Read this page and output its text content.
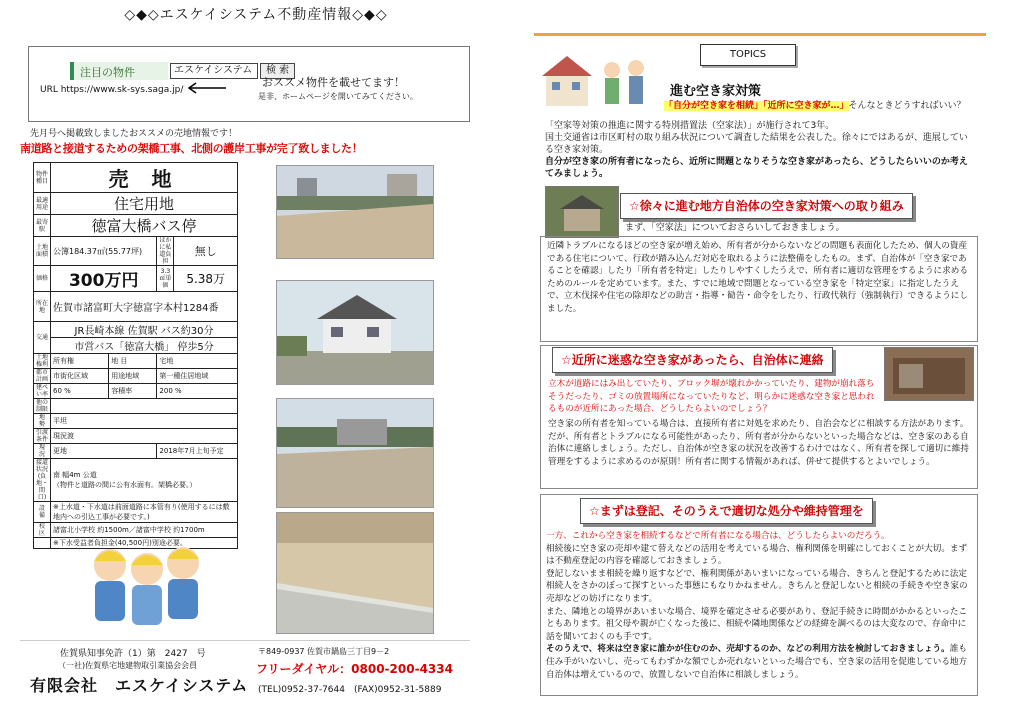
◇◆◇エスケイシステム不動産情報◇◆◇
注目の物件	エスケイシステム 検 索
おススメ物件を載せてます！
是非、ホームページを開いてみてください。
URL https://www.sk-sys.saga.jp/
先月号へ掲載致しましたおススメの売地情報です！
南道路と接道するための架橋工事、北側の護岸工事が完了致しました！
物件種目	売 地			
最適用途	住宅用地			
最寄駅	徳富大橋バス停			
土地面積	公簿184.37㎡(55.77坪)		ほかに私道負担	無し
価格	300万円		3.3㎡単価	5.38万
所在地	佐賀市諸富町大字徳富字本村1284番			
交通	JR長崎本線 佐賀駅 バス約30分			
	市営バス「徳富大橋」 停歩5分			
土地権利	所有権	地 目	宅地	
都市計画	市街化区域	用途地域	第一種住居地域	
建ぺい率	60 %	容積率	200 %	
他の制限				
地 勢	平坦			
引渡条件	現況渡			
現 況	更地		2018年7月上旬予定	
接道状況(負地・間口)	南 幅4m 公道
（物件と道路の間に公有水面有。架橋必要。）			

設 備	※上水道・下水道は前面道路に本管有り(使用するには敷地内への引込工事が必要です。)			
校 区	諸富北小学校 約1500m／諸富中学校 約1700m			
	※下水受益者負担金(40,500円)別途必要。			
佐賀県知事免許（1）第　2427　号
（一社)佐賀県宅地建物取引業協会会員
有限会社　エスケイシステム
〒849-0937 佐賀市鍋島三丁目9－2
フリーダイヤル：0800-200-4334
(TEL)0952-37-7644　(FAX)0952-31-5889
TOPICS
進む空き家対策
「自分が空き家を相続」「近所に空き家が…」そんなときどうすればいい？
「空家等対策の推進に関する特別措置法（空家法）」が施行されて3年。
国土交通省は市区町村の取り組み状況について調査した結果を公表した。徐々にではあるが、進展している空き家対策。
自分が空き家の所有者になったら、近所に問題となりそうな空き家があったら、どうしたらいいのか考えてみましょう。
☆徐々に進む地方自治体の空き家対策への取り組み
まず、「空家法」についておさらいしておきましょう。
近隣トラブルになるほどの空き家が増え始め、所有者が分からないなどの問題も表面化したため、個人の資産である住宅について、行政が踏み込んだ対応を取れるように法整備をしたもの。まず、自治体が「空き家であることを確認」したり「所有者を特定」したりしやすくしたうえで、所有者に適切な管理をするように求めるためのルールを定めています。また、すでに地域で問題となっている空き家を「特定空家」に指定したうえで、立木伐採や住宅の除却などの助言・指導・勧告・命令をしたり、行政代執行（強制執行）できるようにしました。
☆近所に迷惑な空き家があったら、自治体に連絡
立木が道路にはみ出していたり、ブロック塀が壊れかかっていたり、建物が崩れ落ちそうだったり、ゴミの放置場所になっていたりなど、明らかに迷惑な空き家と思われるものが近所にあった場合、どうしたらよいのでしょう？
空き家の所有者を知っている場合は、直接所有者に対処を求めたり、自治会などに相談する方法があります。だが、所有者とトラブルになる可能性があったり、所有者が分からないといった場合などは、空き家のある自治体に連絡しましょう。ただし、自治体が空き家の状況を改善するわけではなく、所有者を探して適切に維持管理をするように求めるのが原則！所有者に関する情報があれば、併せて提供するとよいでしょう。
☆まずは登記、そのうえで適切な処分や維持管理を
一方、これから空き家を相続するなどで所有者になる場合は、どうしたらよいのだろう。
相続後に空き家の売却や建て替えなどの活用を考えている場合、権利関係を明確にしておくことが大切。まずは不動産登記の内容を確認しておきましょう。
登記しないまま相続を繰り返すなどで、権利関係があいまいになっている場合、きちんと登記するために法定相続人をさかのぼって探すといった事態にもなりかねません。きちんと登記しないと相続の手続きや空き家の売却などの妨げになります。
また、隣地との境界があいまいな場合、境界を確定させる必要があり、登記手続きに時間がかかるといったこともあります。祖父母や親が亡くなった後に、相続や隣地関係などの経緯を調べるのは大変なので、存命中に話を聞いておくのも手です。
そのうえで、将来は空き家に誰かが住むのか、売却するのか、などの利用方法を検討しておきましょう。誰も住み手がいないし、売ってもわずかな額でしか売れないといった場合でも、空き家の活用を促進している地方自治体は増えているので、放置しないで自治体に相談しましょう。
